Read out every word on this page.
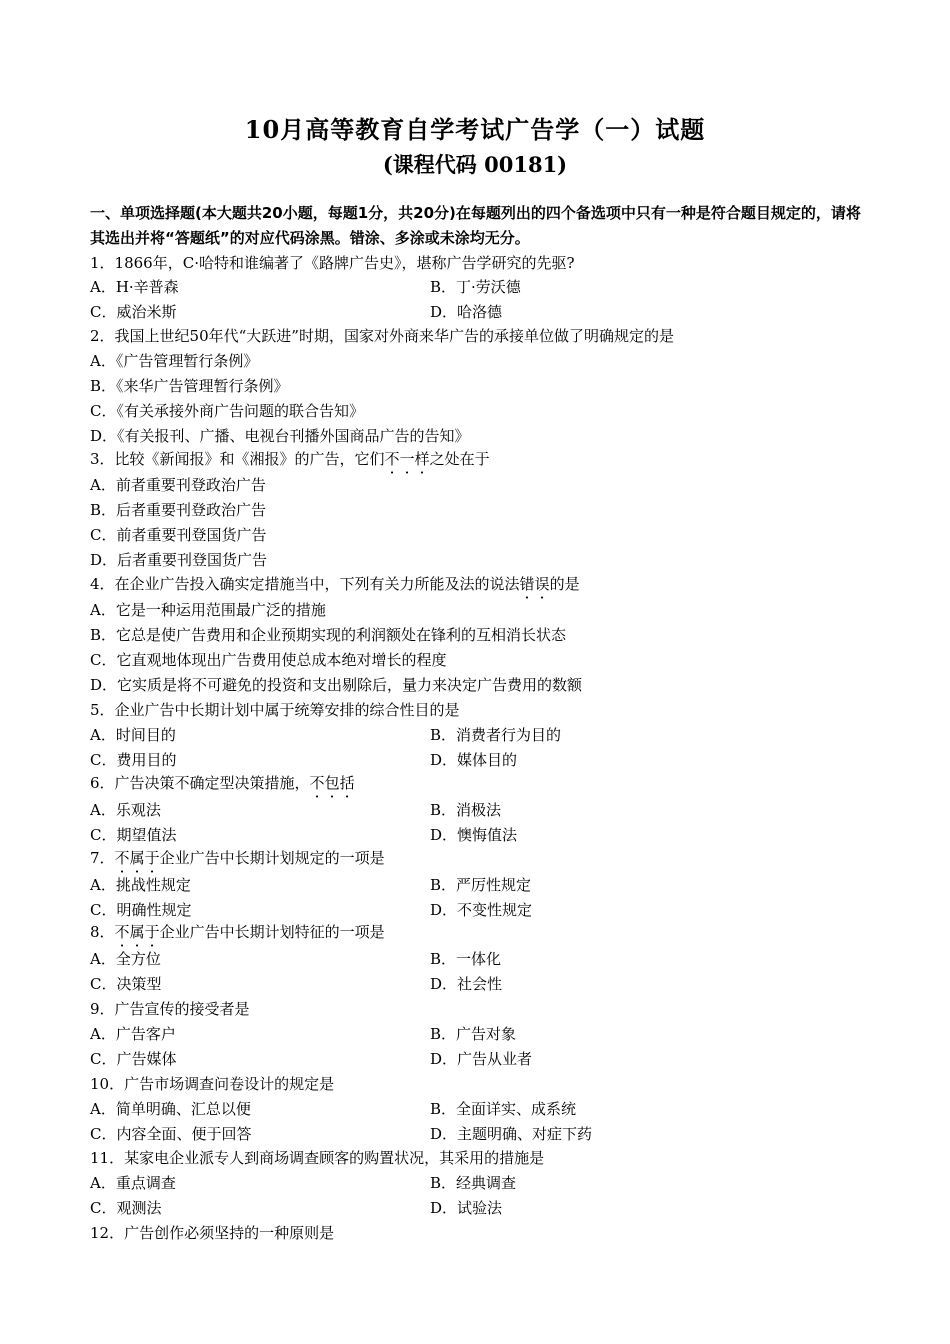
10月高等教育自学考试广告学（一）试题
(课程代码 00181)
一、单项选择题(本大题共20小题，每题1分，共20分)在每题列出的四个备选项中只有一种是符合题目规定的，请将其选出并将“答题纸”的对应代码涂黑。错涂、多涂或未涂均无分。
1．1866年，C·哈特和谁编著了《路牌广告史》，堪称广告学研究的先驱?
A．H·辛普森	B．丁·劳沃德
C．威治米斯	D．哈洛德
2．我国上世纪50年代“大跃进”时期，国家对外商来华广告的承接单位做了明确规定的是
A．《广告管理暂行条例》
B．《来华广告管理暂行条例》
C．《有关承接外商广告问题的联合告知》
D．《有关报刊、广播、电视台刊播外国商品广告的告知》
3．比较《新闻报》和《湘报》的广告，它们不一样之处在于
A．前者重要刊登政治广告
B．后者重要刊登政治广告
C．前者重要刊登国货广告
D．后者重要刊登国货广告
4．在企业广告投入确实定措施当中，下列有关力所能及法的说法错误的是
A．它是一种运用范围最广泛的措施
B．它总是使广告费用和企业预期实现的利润额处在锋利的互相消长状态
C．它直观地体现出广告费用使总成本绝对增长的程度
D．它实质是将不可避免的投资和支出剔除后，量力来决定广告费用的数额
5．企业广告中长期计划中属于统筹安排的综合性目的是
A．时间目的	B．消费者行为目的
C．费用目的	D．媒体目的
6．广告决策不确定型决策措施，不包括
A．乐观法	B．消极法
C．期望值法	D．懊悔值法
7．不属于企业广告中长期计划规定的一项是
A．挑战性规定	B．严厉性规定
C．明确性规定	D．不变性规定
8．不属于企业广告中长期计划特征的一项是
A．全方位	B．一体化
C．决策型	D．社会性
9．广告宣传的接受者是
A．广告客户	B．广告对象
C．广告媒体	D．广告从业者
10．广告市场调查问卷设计的规定是
A．简单明确、汇总以便	B．全面详实、成系统
C．内容全面、便于回答	D．主题明确、对症下药
11．某家电企业派专人到商场调查顾客的购置状况，其采用的措施是
A．重点调查	B．经典调查
C．观测法	D．试验法
12．广告创作必须坚持的一种原则是
